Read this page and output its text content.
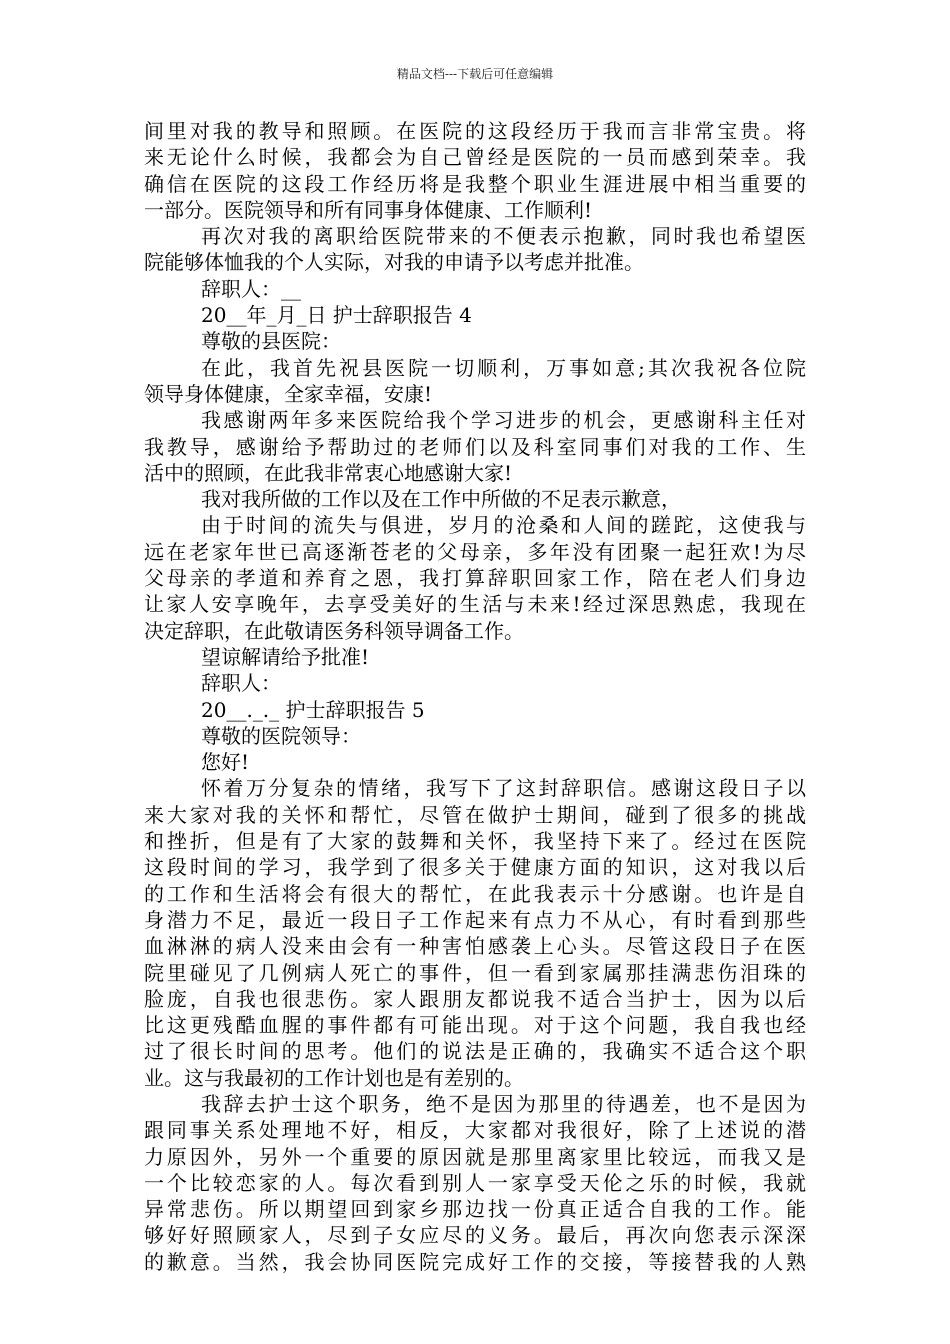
精品文档---下载后可任意编辑
间里对我的教导和照顾。在医院的这段经历于我而言非常宝贵。将
来无论什么时候，我都会为自己曾经是医院的一员而感到荣幸。我
确信在医院的这段工作经历将是我整个职业生涯进展中相当重要的
一部分。医院领导和所有同事身体健康、工作顺利!
再次对我的离职给医院带来的不便表示抱歉，同时我也希望医
院能够体恤我的个人实际，对我的申请予以考虑并批准。
辞职人：__
20__年_月_日 护士辞职报告 4
尊敬的县医院：
在此，我首先祝县医院一切顺利，万事如意;其次我祝各位院
领导身体健康，全家幸福，安康!
我感谢两年多来医院给我个学习进步的机会，更感谢科主任对
我教导，感谢给予帮助过的老师们以及科室同事们对我的工作、生
活中的照顾，在此我非常衷心地感谢大家!
我对我所做的工作以及在工作中所做的不足表示歉意，
由于时间的流失与俱进，岁月的沧桑和人间的蹉跎，这使我与
远在老家年世已高逐渐苍老的父母亲，多年没有团聚一起狂欢!为尽
父母亲的孝道和养育之恩，我打算辞职回家工作，陪在老人们身边
让家人安享晚年，去享受美好的生活与未来!经过深思熟虑，我现在
决定辞职，在此敬请医务科领导调备工作。
望谅解请给予批准!
辞职人：
20__._._ 护士辞职报告 5
尊敬的医院领导：
您好!
怀着万分复杂的情绪，我写下了这封辞职信。感谢这段日子以
来大家对我的关怀和帮忙，尽管在做护士期间，碰到了很多的挑战
和挫折，但是有了大家的鼓舞和关怀，我坚持下来了。经过在医院
这段时间的学习，我学到了很多关于健康方面的知识，这对我以后
的工作和生活将会有很大的帮忙，在此我表示十分感谢。也许是自
身潜力不足，最近一段日子工作起来有点力不从心，有时看到那些
血淋淋的病人没来由会有一种害怕感袭上心头。尽管这段日子在医
院里碰见了几例病人死亡的事件，但一看到家属那挂满悲伤泪珠的
脸庞，自我也很悲伤。家人跟朋友都说我不适合当护士，因为以后
比这更残酷血腥的事件都有可能出现。对于这个问题，我自我也经
过了很长时间的思考。他们的说法是正确的，我确实不适合这个职
业。这与我最初的工作计划也是有差别的。
我辞去护士这个职务，绝不是因为那里的待遇差，也不是因为
跟同事关系处理地不好，相反，大家都对我很好，除了上述说的潜
力原因外，另外一个重要的原因就是那里离家里比较远，而我又是
一个比较恋家的人。每次看到别人一家享受天伦之乐的时候，我就
异常悲伤。所以期望回到家乡那边找一份真正适合自我的工作。能
够好好照顾家人，尽到子女应尽的义务。最后，再次向您表示深深
的歉意。当然，我会协同医院完成好工作的交接，等接替我的人熟
